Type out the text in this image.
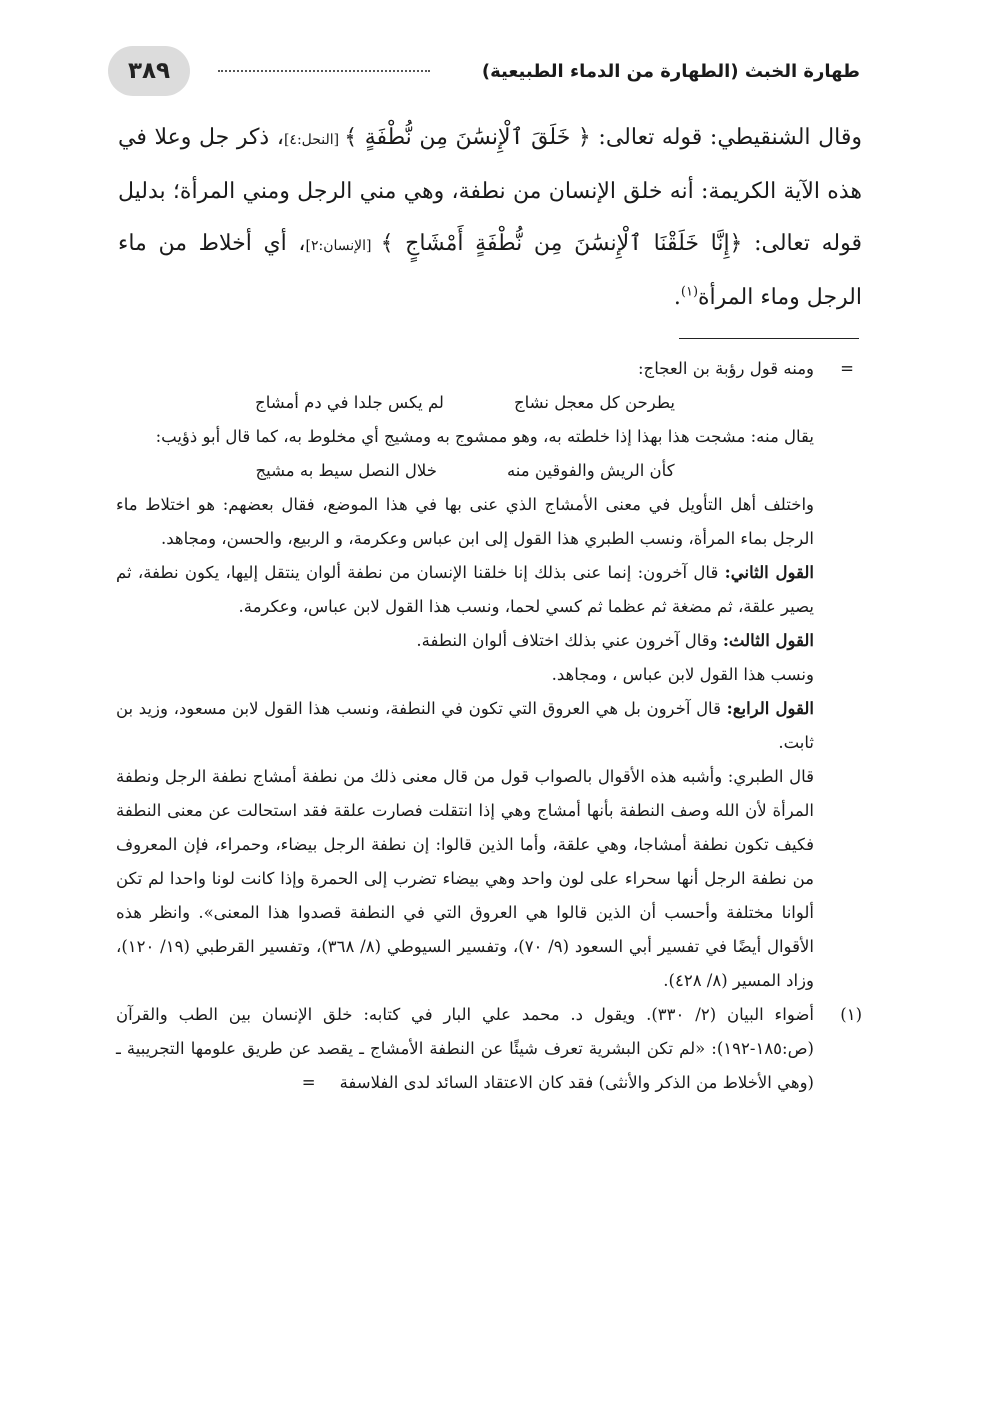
٣٨٩	طهارة الخبث (الطهارة من الدماء الطبيعية)

وقال الشنقيطي: قوله تعالى: ﴿ خَلَقَ ٱلْإِنسَٰنَ مِن نُّطْفَةٍ ﴾ [النحل:٤]، ذكر جل وعلا في هذه الآية الكريمة: أنه خلق الإنسان من نطفة، وهي مني الرجل ومني المرأة؛ بدليل قوله تعالى: ﴿إِنَّا خَلَقْنَا ٱلْإِنسَٰنَ مِن نُّطْفَةٍ أَمْشَاجٍ ﴾ [الإنسان:٢]، أي أخلاط من ماء الرجل وماء المرأة$^{(١)}$.

=
ومنه قول رؤبة بن العجاج:

يطرحن كل معجل نشاج
لم يكس جلدا في دم أمشاج

يقال منه: مشجت هذا بهذا إذا خلطته به، وهو ممشوج به ومشيج أي مخلوط به، كما قال أبو ذؤيب:

كأن الريش والفوقين منه
خلال النصل سيط به مشيج

واختلف أهل التأويل في معنى الأمشاج الذي عنى بها في هذا الموضع، فقال بعضهم: هو اختلاط ماء الرجل بماء المرأة، ونسب الطبري هذا القول إلى ابن عباس وعكرمة، و الربيع، والحسن، ومجاهد.

القول الثاني: قال آخرون: إنما عنى بذلك إنا خلقنا الإنسان من نطفة ألوان ينتقل إليها، يكون نطفة، ثم يصير علقة، ثم مضغة ثم عظما ثم كسي لحما، ونسب هذا القول لابن عباس، وعكرمة.

القول الثالث: وقال آخرون عني بذلك اختلاف ألوان النطفة.

ونسب هذا القول لابن عباس ، ومجاهد.

القول الرابع: قال آخرون بل هي العروق التي تكون في النطفة، ونسب هذا القول لابن مسعود، وزيد بن ثابت.

قال الطبري: وأشبه هذه الأقوال بالصواب قول من قال معنى ذلك من نطفة أمشاج نطفة الرجل ونطفة المرأة لأن الله وصف النطفة بأنها أمشاج وهي إذا انتقلت فصارت علقة فقد استحالت عن معنى النطفة فكيف تكون نطفة أمشاجا، وهي علقة، وأما الذين قالوا: إن نطفة الرجل بيضاء، وحمراء، فإن المعروف من نطفة الرجل أنها سحراء على لون واحد وهي بيضاء تضرب إلى الحمرة وإذا كانت لونا واحدا لم تكن ألوانا مختلفة وأحسب أن الذين قالوا هي العروق التي في النطفة قصدوا هذا المعنى». وانظر هذه الأقوال أيضًا في تفسير أبي السعود (٩/ ٧٠)، وتفسير السيوطي (٨/ ٣٦٨)، وتفسير القرطبي (١٩/ ١٢٠)، وزاد المسير (٨/ ٤٢٨).

(١)
أضواء البيان (٢/ ٣٣٠). ويقول د. محمد علي البار في كتابه: خلق الإنسان بين الطب والقرآن (ص:١٨٥-١٩٢): «لم تكن البشرية تعرف شيئًا عن النطفة الأمشاج ـ يقصد عن طريق علومها التجريبية ـ (وهي الأخلاط من الذكر والأنثى) فقد كان الاعتقاد السائد لدى الفلاسفة=
